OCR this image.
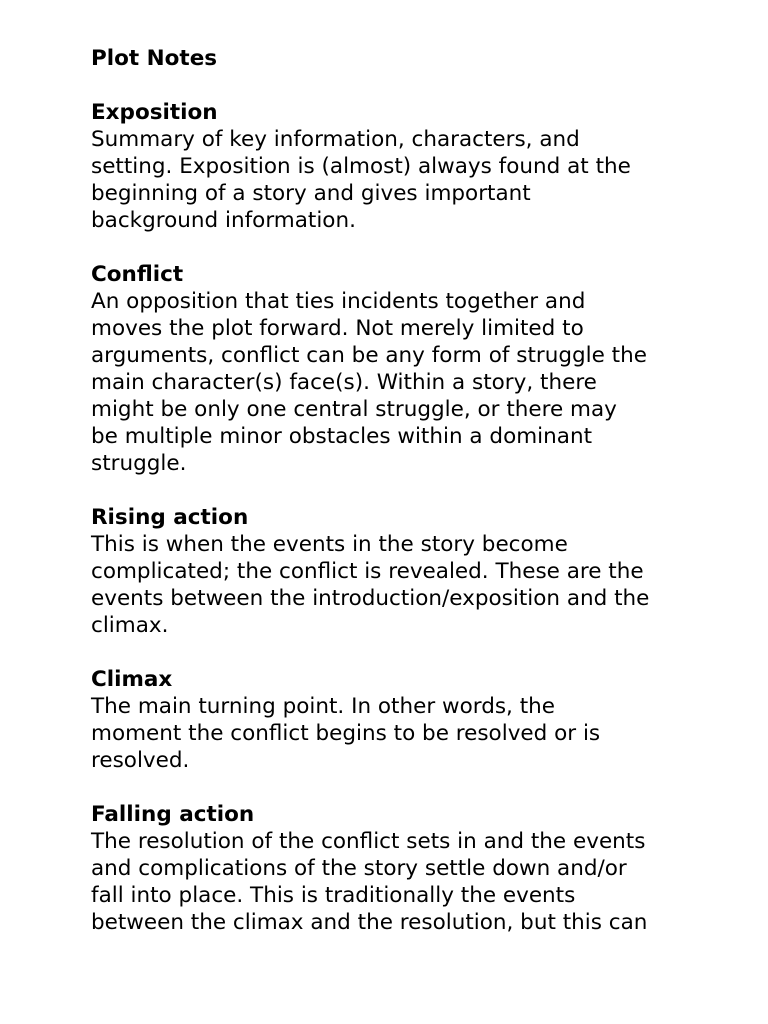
Plot Notes

Exposition

Summary of key information, characters, and
setting. Exposition is (almost) always found at the
beginning of a story and gives important
background information.

Conflict

An opposition that ties incidents together and
moves the plot forward. Not merely limited to
arguments, conflict can be any form of struggle the
main character(s) face(s). Within a story, there
might be only one central struggle, or there may
be multiple minor obstacles within a dominant
struggle.

Rising action

This is when the events in the story become
complicated; the conflict is revealed. These are the
events between the introduction/exposition and the
climax.

Climax

The main turning point. In other words, the
moment the conflict begins to be resolved or is
resolved.

Falling action

The resolution of the conflict sets in and the events
and complications of the story settle down and/or
fall into place. This is traditionally the events
between the climax and the resolution, but this can
